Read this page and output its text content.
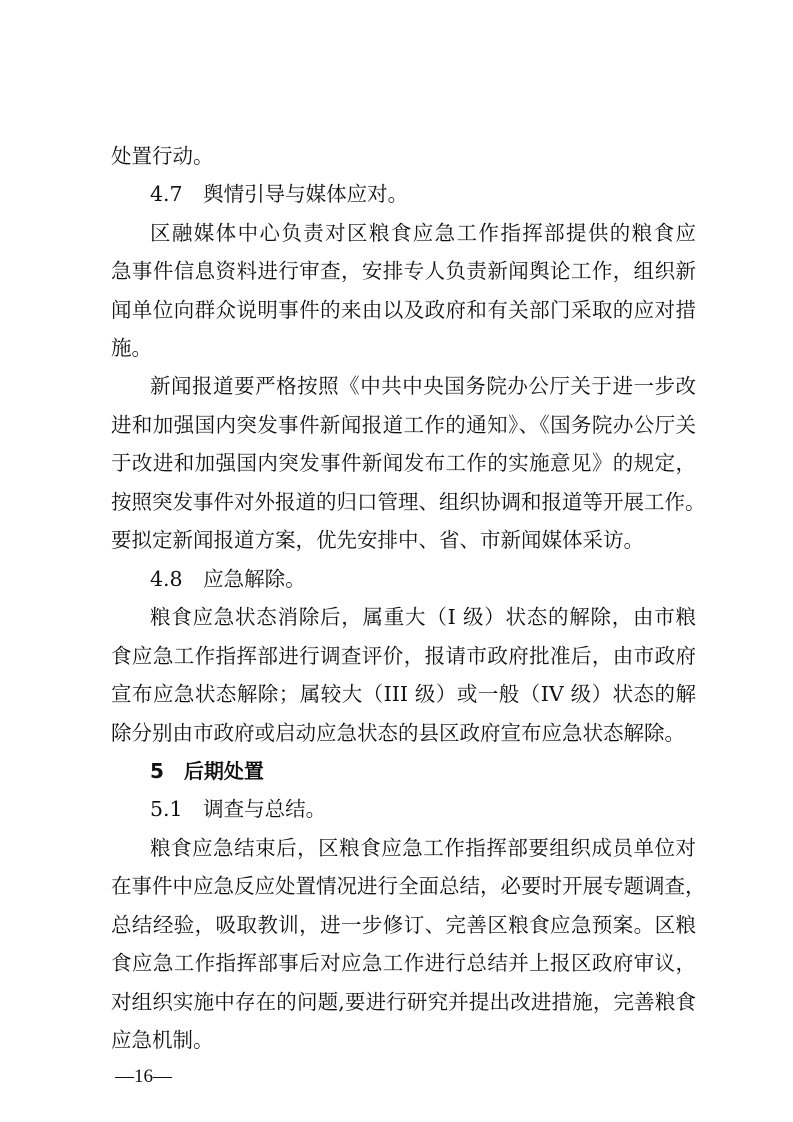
处置行动。
4.7　舆情引导与媒体应对。
区融媒体中心负责对区粮食应急工作指挥部提供的粮食应
急事件信息资料进行审查，安排专人负责新闻舆论工作，组织新
闻单位向群众说明事件的来由以及政府和有关部门采取的应对措
施。
新闻报道要严格按照《中共中央国务院办公厅关于进一步改
进和加强国内突发事件新闻报道工作的通知》、《国务院办公厅关
于改进和加强国内突发事件新闻发布工作的实施意见》的规定，
按照突发事件对外报道的归口管理、组织协调和报道等开展工作。
要拟定新闻报道方案，优先安排中、省、市新闻媒体采访。
4.8　应急解除。
粮食应急状态消除后，属重大（I 级）状态的解除，由市粮
食应急工作指挥部进行调查评价，报请市政府批准后，由市政府
宣布应急状态解除；属较大（III 级）或一般（IV 级）状态的解
除分别由市政府或启动应急状态的县区政府宣布应急状态解除。
5　后期处置
5.1　调查与总结。
粮食应急结束后，区粮食应急工作指挥部要组织成员单位对
在事件中应急反应处置情况进行全面总结，必要时开展专题调查，
总结经验，吸取教训，进一步修订、完善区粮食应急预案。区粮
食应急工作指挥部事后对应急工作进行总结并上报区政府审议，
对组织实施中存在的问题,要进行研究并提出改进措施，完善粮食
应急机制。
—16—
